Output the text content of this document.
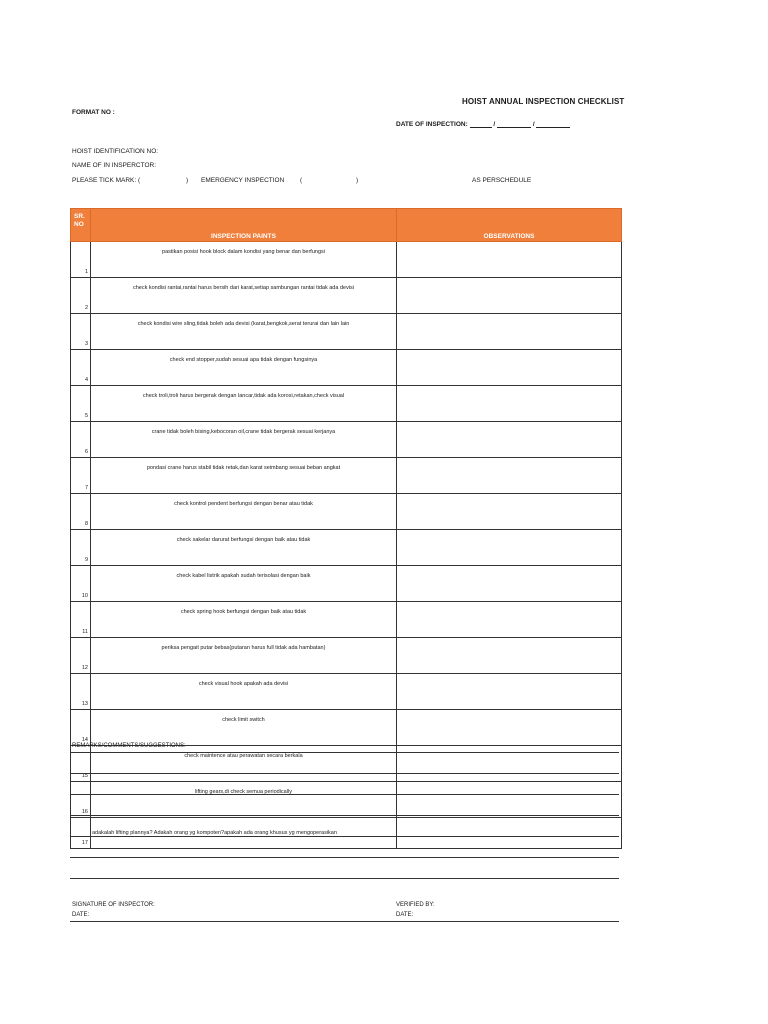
HOIST ANNUAL INSPECTION CHECKLIST
FORMAT NO :
DATE OF INSPECTION:	/	/
HOIST IDENTIFICATION NO:
NAME OF IN INSPERCTOR:
PLEASE TICK MARK: (	) EMERGENCY INSPECTION (	)	AS PERSCHEDULE
SR.
NO	INSPECTION PAINTS	OBSERVATIONS
1	pastikan posisi hook block dalam kondisi yang benar dan berfungsi	
2	check kondisi rantai,rantai harus bersih dari karat,setiap sambungan rantai tidak ada devisi	
3	check kondisi wire sling,tidak boleh ada devisi (karat,bengkok,serat terurai dan lain lain	
4	check end stopper,sudah sesuai apa tidak dengan fungsinya	
5	check troli,troli harus bergerak dengan lancar,tidak ada korosi,retakan,check visual	
6	crane tidak boleh bising,kebocoran oil,crane tidak bergerak sesuai kerjanya	
7	pondasi crane harus stabil tidak retak,dan karat seimbang sesuai beban angkat	
8	check kontrol pendent berfungsi dengan benar atau tidak	
9	check sakelar darurat berfungsi dengan baik atau tidak	
10	check kabel listrik apakah sudah terisolasi dengan baik	
11	check spring hook berfungsi dengan baik atau tidak	
12	periksa pengait putar bebas(putaran harus full tidak ada hambatan)	
13	check visual hook apakah ada devisi	
14	check limit switch	
15	check maintence atau perawatan secara berkala	
16	lifting gears,di check semua periodically	
17	adakalah lifting plannya? Adakah orang yg kompoten?apakah ada orang khusus yg mengoperasikan	
REMARKS/COMMENTS/SUGGESTIONS:
SIGNATURE OF INSPECTOR:
DATE:
VERIFIED BY:
DATE:
